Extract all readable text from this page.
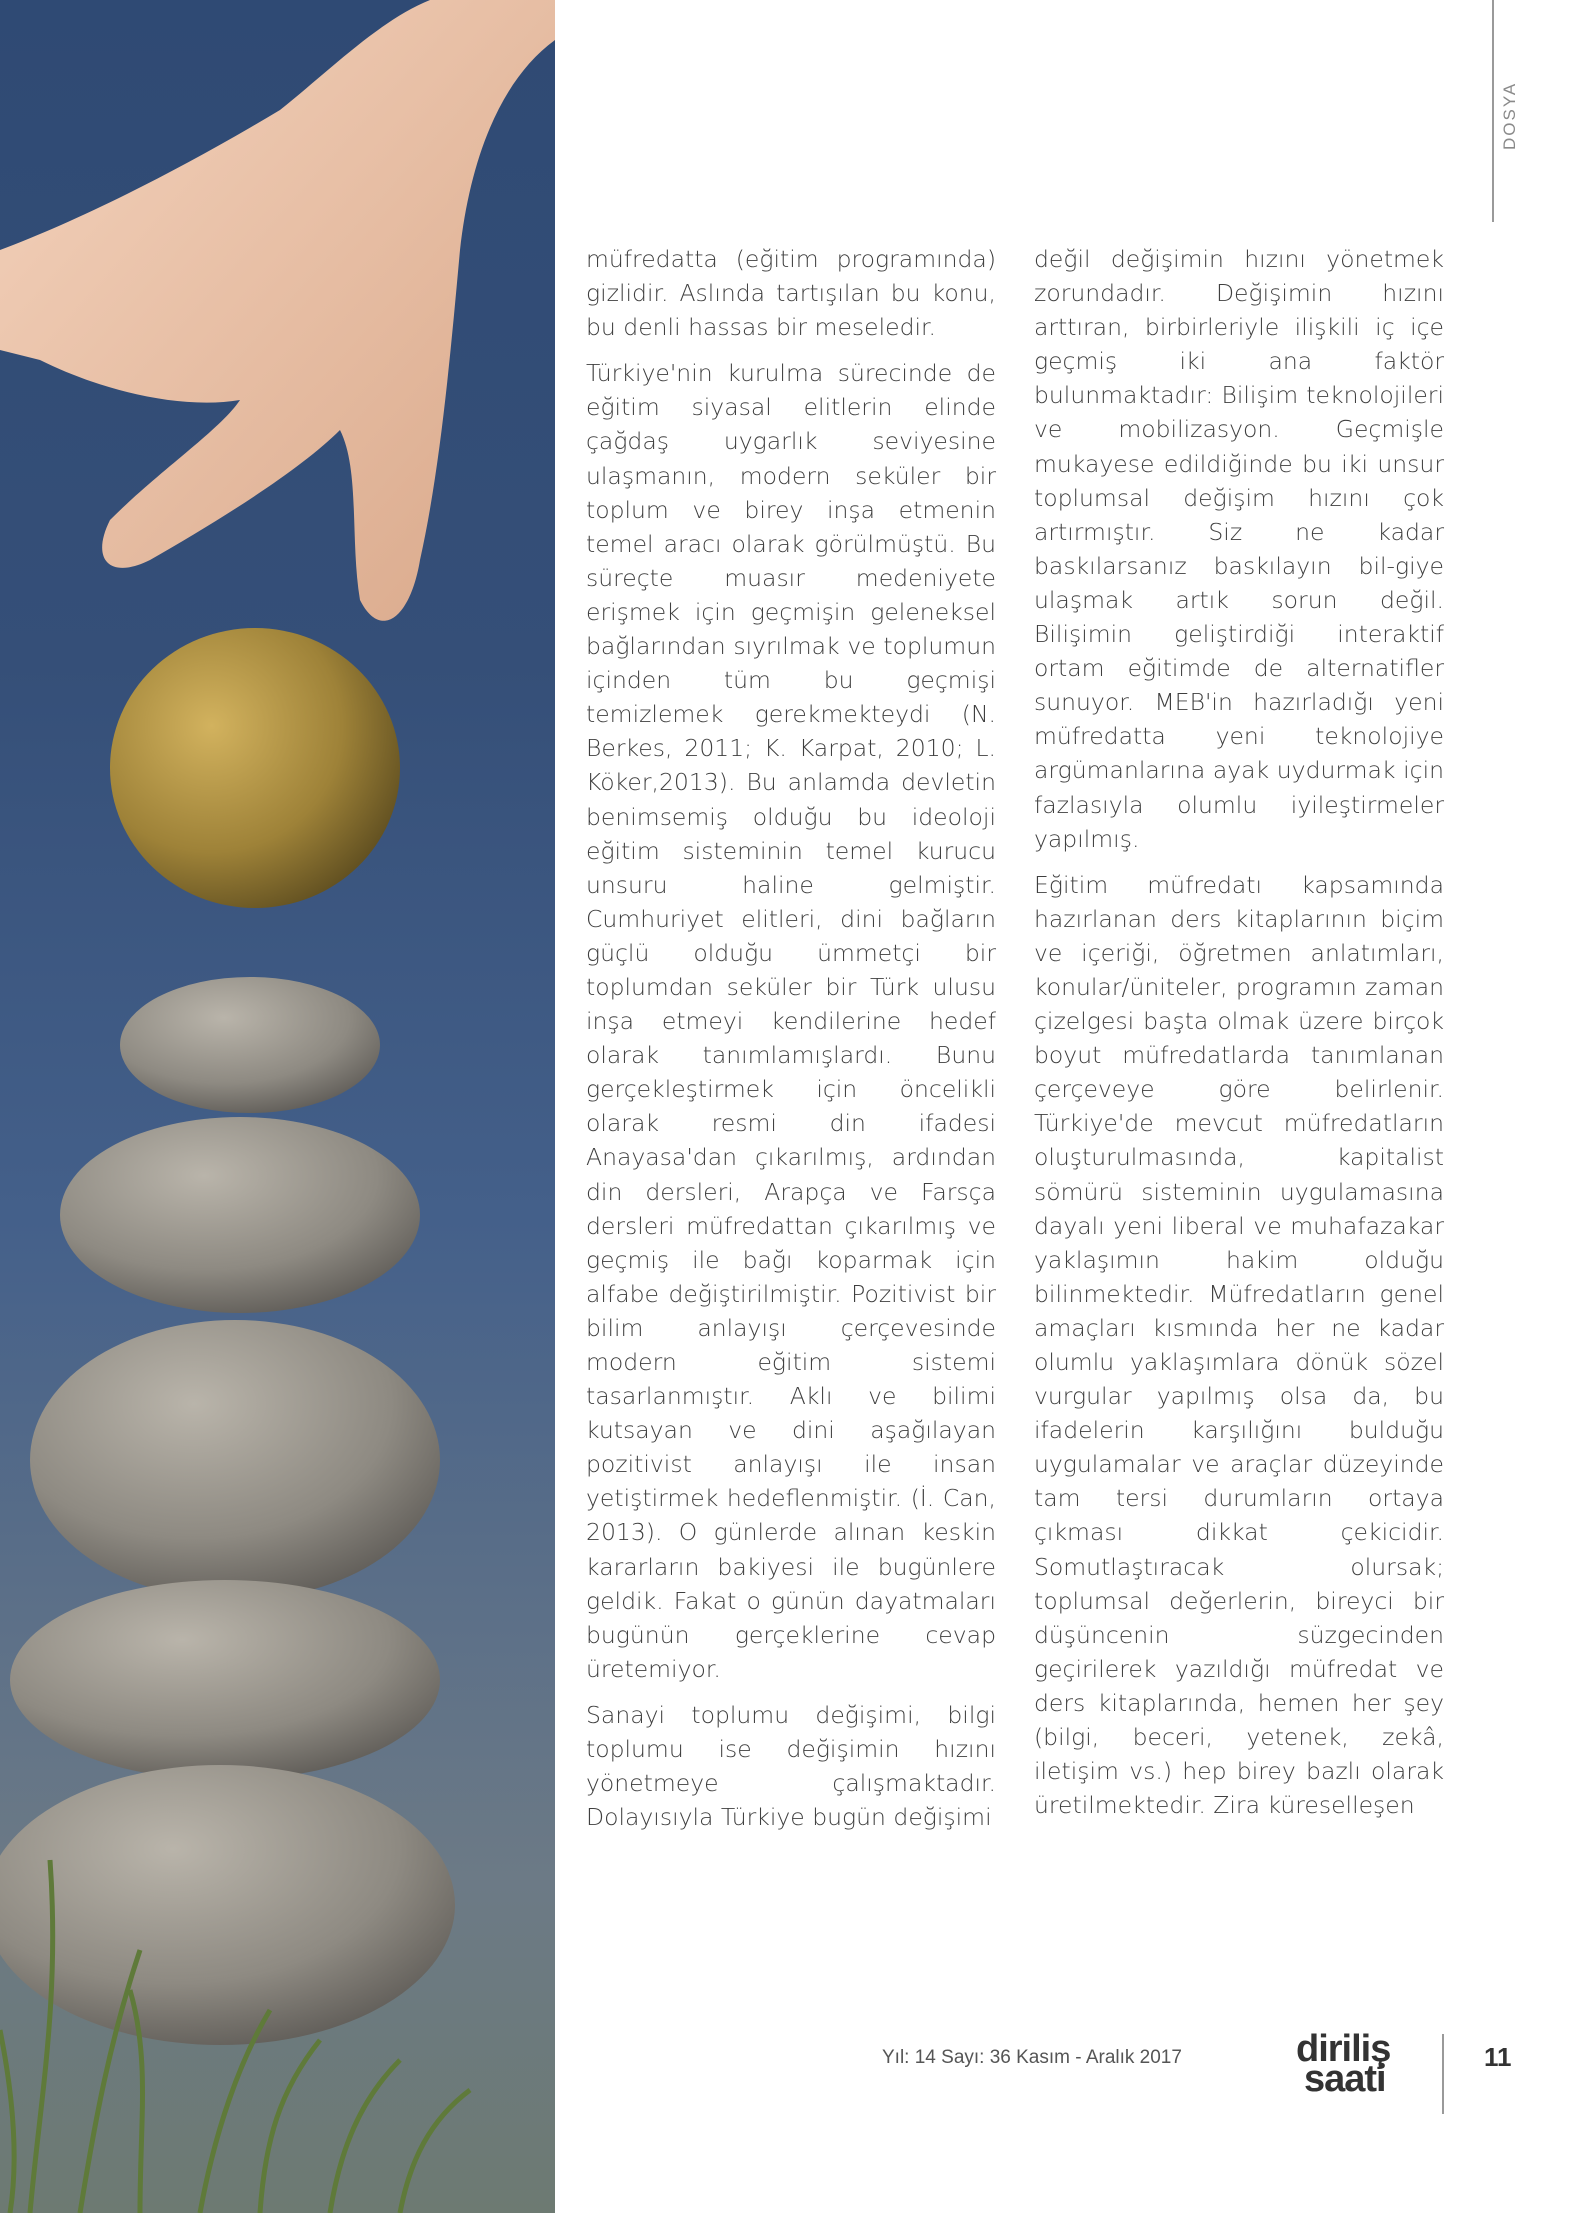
DOSYA

müfredatta (eğitim programında) gizlidir. Aslında tartışılan bu konu, bu denli hassas bir meseledir.

Türkiye'nin kurulma sürecinde de eğitim siyasal elitlerin elinde çağdaş uygarlık seviyesine ulaşmanın, modern seküler bir toplum ve birey inşa etmenin temel aracı olarak görülmüştü. Bu süreçte muasır medeniyete erişmek için geçmişin geleneksel bağlarından sıyrılmak ve toplumun içinden tüm bu geçmişi temizlemek gerekmekteydi (N. Berkes, 2011; K. Karpat, 2010; L. Köker,2013). Bu anlamda devletin benimsemiş olduğu bu ideoloji eğitim sisteminin temel kurucu unsuru haline gelmiştir. Cumhuriyet elitleri, dini bağların güçlü olduğu ümmetçi bir toplumdan seküler bir Türk ulusu inşa etmeyi kendilerine hedef olarak tanımlamışlardı. Bunu gerçekleştirmek için öncelikli olarak resmi din ifadesi Anayasa'dan çıkarılmış, ardından din dersleri, Arapça ve Farsça dersleri müfredattan çıkarılmış ve geçmiş ile bağı koparmak için alfabe değiştirilmiştir. Pozitivist bir bilim anlayışı çerçevesinde modern eğitim sistemi tasarlanmıştır. Aklı ve bilimi kutsayan ve dini aşağılayan pozitivist anlayışı ile insan yetiştirmek hedeflenmiştir. (İ. Can, 2013). O günlerde alınan keskin kararların bakiyesi ile bugünlere geldik. Fakat o günün dayatmaları bugünün gerçeklerine cevap üretemiyor.

Sanayi toplumu değişimi, bilgi toplumu ise değişimin hızını yönetmeye çalışmaktadır. Dolayısıyla Türkiye bugün değişimi

değil değişimin hızını yönetmek zorundadır. Değişimin hızını arttıran, birbirleriyle ilişkili iç içe geçmiş iki ana faktör bulunmaktadır: Bilişim teknolojileri ve mobilizasyon. Geçmişle mukayese edildiğinde bu iki unsur toplumsal değişim hızını çok artırmıştır. Siz ne kadar baskılarsanız baskılayın bil-giye ulaşmak artık sorun değil. Bilişimin geliştirdiği interaktif ortam eğitimde de alternatifler sunuyor. MEB'in hazırladığı yeni müfredatta yeni teknolojiye argümanlarına ayak uydurmak için fazlasıyla olumlu iyileştirmeler yapılmış.

Eğitim müfredatı kapsamında hazırlanan ders kitaplarının biçim ve içeriği, öğretmen anlatımları, konular/üniteler, programın zaman çizelgesi başta olmak üzere birçok boyut müfredatlarda tanımlanan çerçeveye göre belirlenir. Türkiye'de mevcut müfredatların oluşturulmasında, kapitalist sömürü sisteminin uygulamasına dayalı yeni liberal ve muhafazakar yaklaşımın hakim olduğu bilinmektedir. Müfredatların genel amaçları kısmında her ne kadar olumlu yaklaşımlara dönük sözel vurgular yapılmış olsa da, bu ifadelerin karşılığını bulduğu uygulamalar ve araçlar düzeyinde tam tersi durumların ortaya çıkması dikkat çekicidir. Somutlaştıracak olursak; toplumsal değerlerin, bireyci bir düşüncenin süzgecinden geçirilerek yazıldığı müfredat ve ders kitaplarında, hemen her şey (bilgi, beceri, yetenek, zekâ, iletişim vs.) hep birey bazlı olarak üretilmektedir. Zira küreselleşen

Yıl: 14 Sayı: 36 Kasım - Aralık 2017	diriliş
saati
11
